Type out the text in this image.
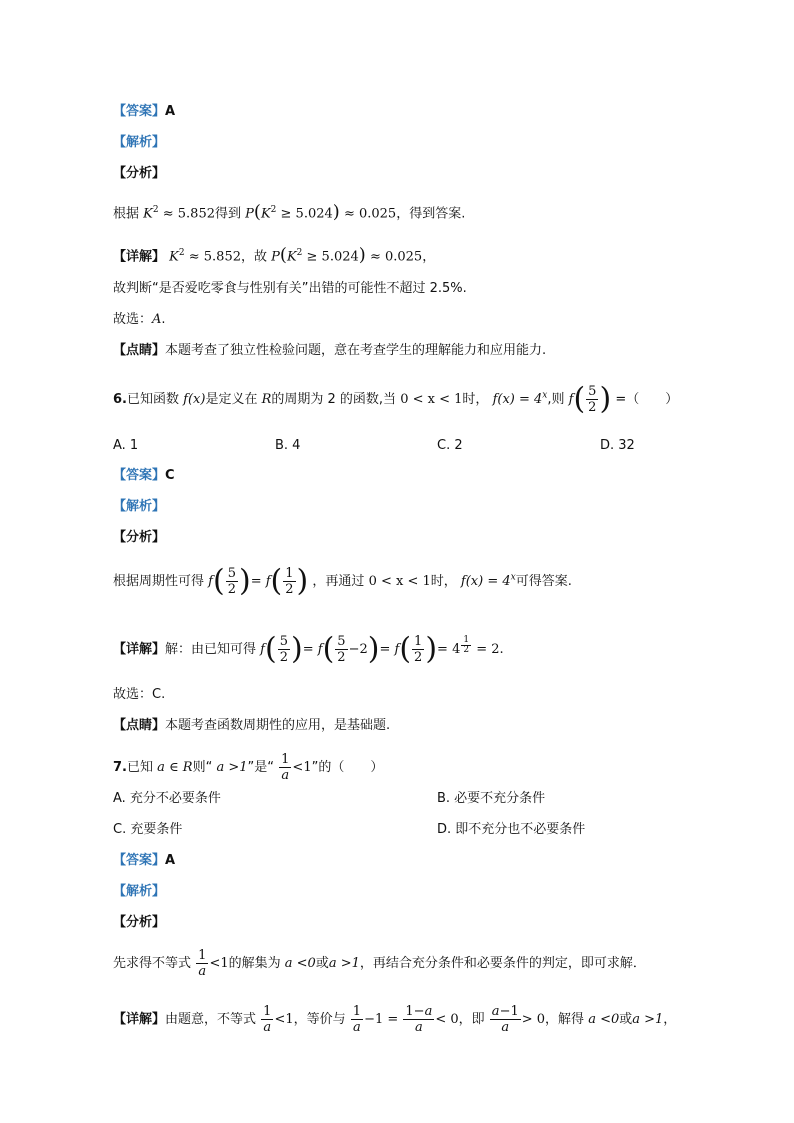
【答案】A
【解析】
【分析】
根据 $K^2 \approx 5.852$得到 $P(K^2 \ge 5.024) \approx 0.025$，得到答案.
【详解】 $K^2 \approx 5.852$，故 $P(K^2 \ge 5.024) \approx 0.025$，
故判断“是否爱吃零食与性别有关”出错的可能性不超过 2.5%.
故选：A.
【点睛】本题考查了独立性检验问题，意在考查学生的理解能力和应用能力.
6.已知函数 f(x)是定义在 R的周期为 2 的函数,当 0 < x < 1时， $f(x) = 4^x$,则 $f( \frac{5}{2}$ ) =（　　）
A. 1	B. 4	C. 2	D. 32
【答案】C
【解析】
【分析】
根据周期性可得 $f( \frac{5}{2}$ )= $f( \frac{1}{2}$ ) ，再通过 0 < x < 1时， $f(x) = 4^x$可得答案.
【详解】解：由已知可得 $f( \frac{5}{2}$ )= $f( \frac{5}{2} -2)= f( \frac{1}{2}$ )= 4 $^{\frac{1}{2}}$ = 2.
故选：C.
【点睛】本题考查函数周期性的应用，是基础题.
7.已知 a ∈ R则“ a >1”是“ $\frac{1}{a} <1$”的（　　）
A. 充分不必要条件	B. 必要不充分条件
C. 充要条件	D. 即不充分也不必要条件
【答案】A
【解析】
【分析】
先求得不等式 $\frac{1}{a} <1$的解集为 a <0或a >1，再结合充分条件和必要条件的判定，即可求解．
【详解】由题意，不等式 $\frac{1}{a} <1$，等价与 $\frac{1}{a} -1 = \frac{1-a}{a} < 0$，即 $\frac{a-1}{a} > 0$，解得 a <0或a >1，
